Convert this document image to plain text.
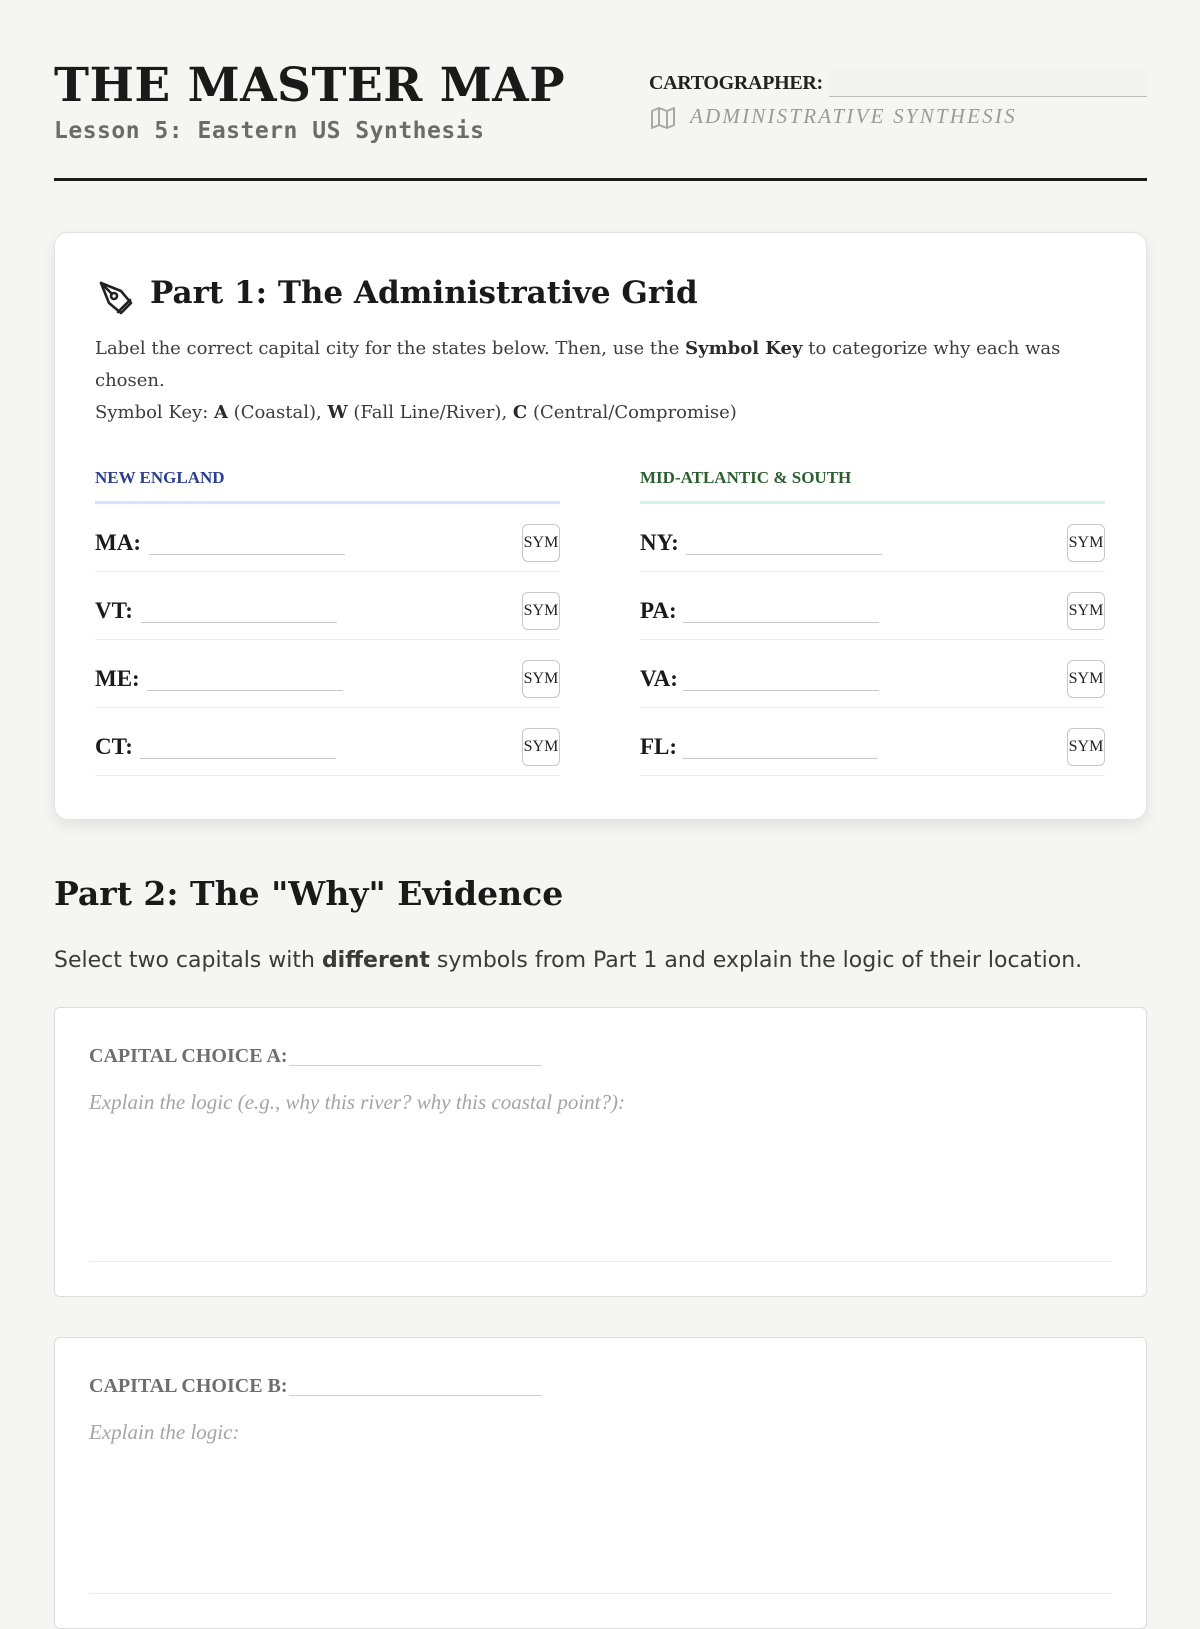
THE MASTER MAP
Lesson 5: Eastern US Synthesis
CARTOGRAPHER:
ADMINISTRATIVE SYNTHESIS
Part 1: The Administrative Grid
Label the correct capital city for the states below. Then, use the Symbol Key to categorize why each was chosen.
Symbol Key: A (Coastal), W (Fall Line/River), C (Central/Compromise)
NEW ENGLAND
MA:	SYM
VT:	SYM
ME:	SYM
CT:	SYM
MID-ATLANTIC & SOUTH
NY:	SYM
PA:	SYM
VA:	SYM
FL:	SYM
Part 2: The "Why" Evidence
Select two capitals with different symbols from Part 1 and explain the logic of their location.
CAPITAL CHOICE A:
Explain the logic (e.g., why this river? why this coastal point?):
CAPITAL CHOICE B:
Explain the logic:
